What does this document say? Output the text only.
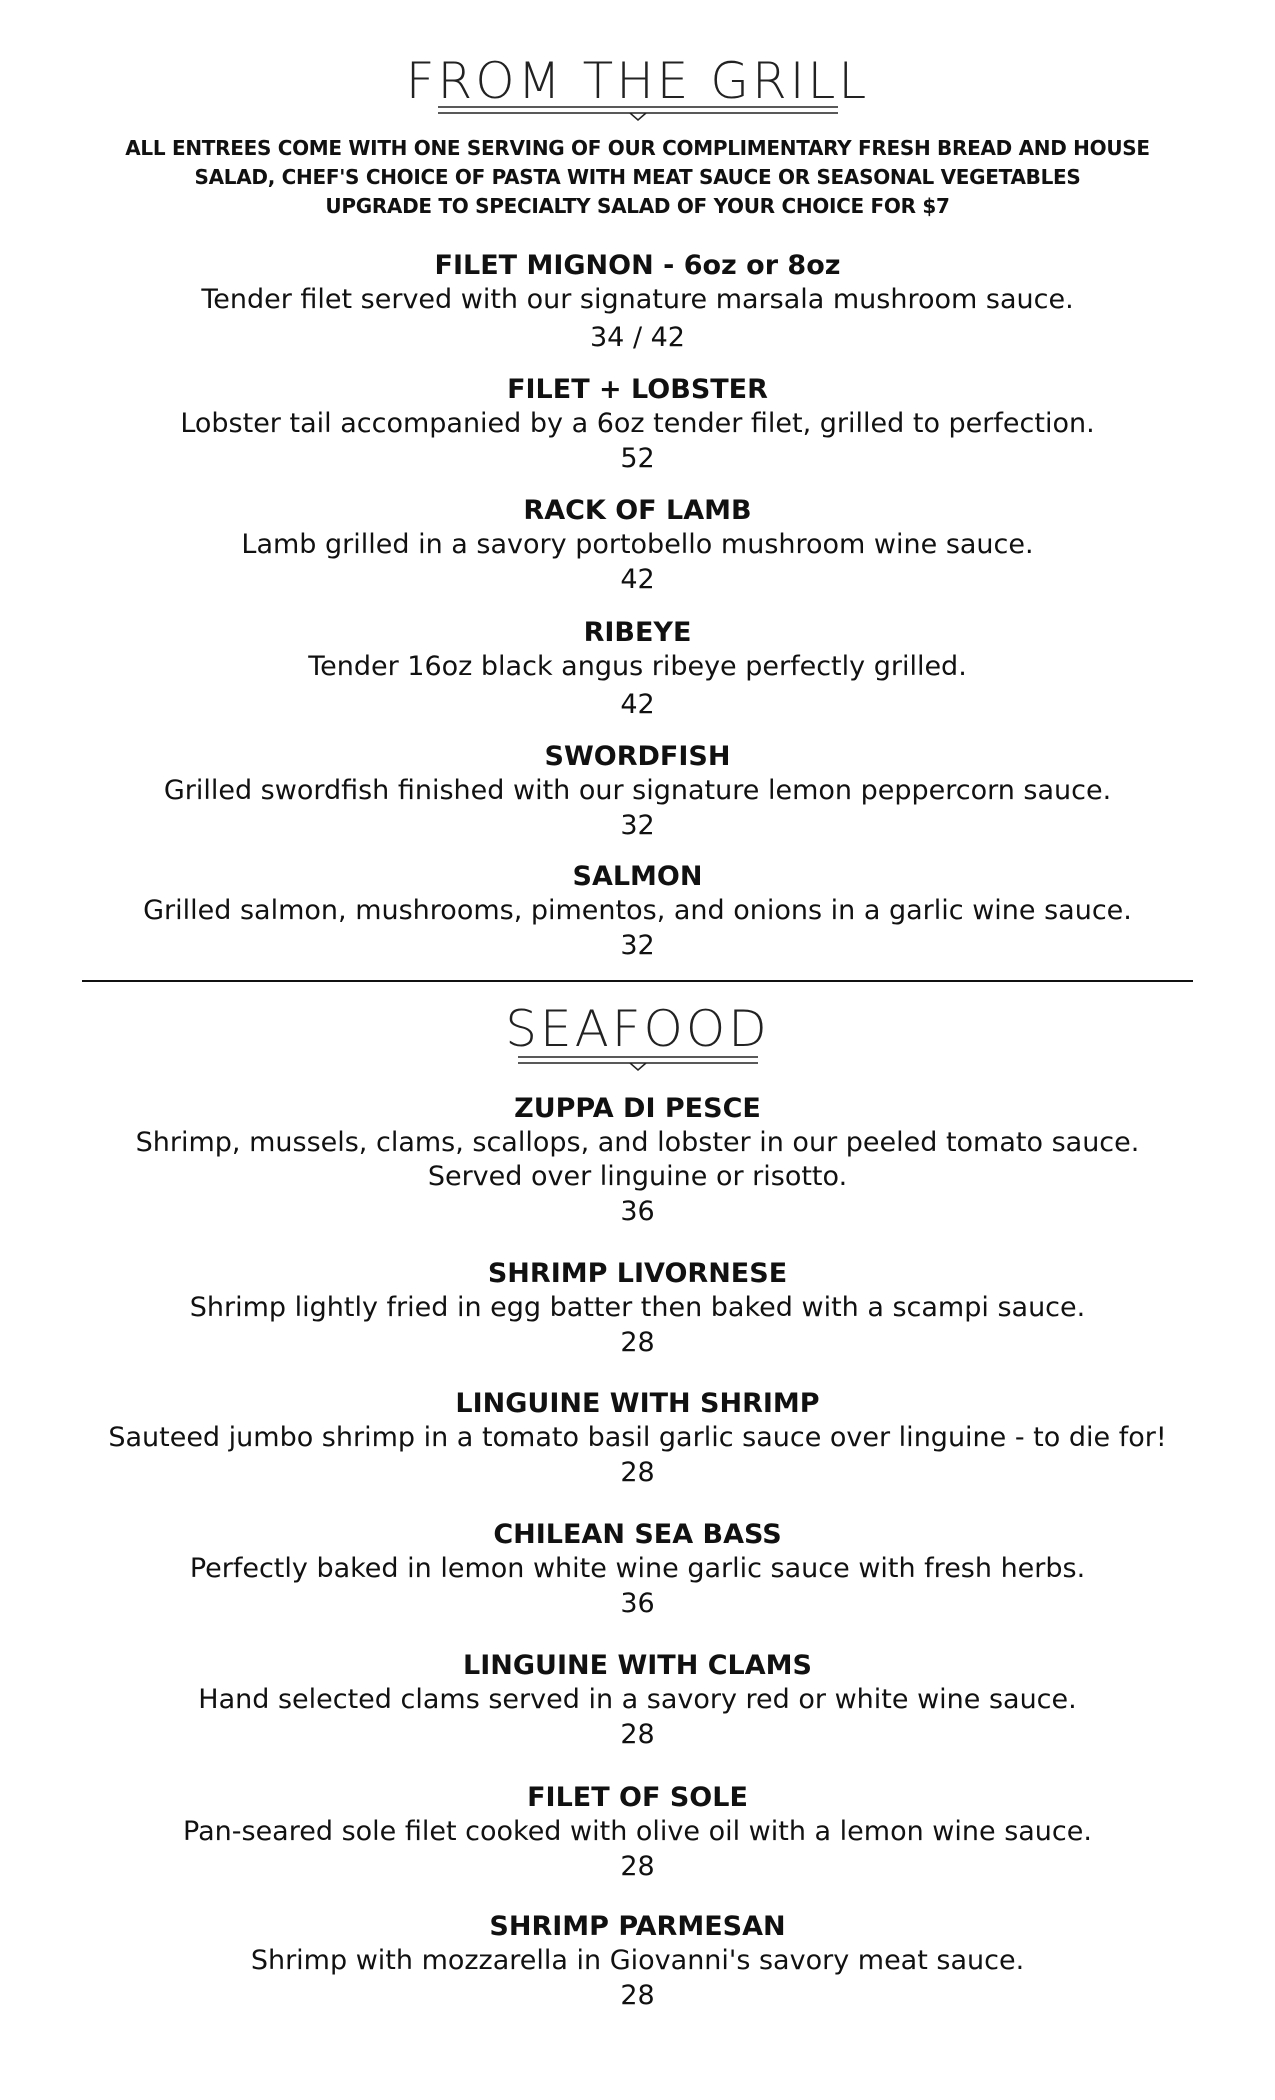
FROM THE GRILL
ALL ENTREES COME WITH ONE SERVING OF OUR COMPLIMENTARY FRESH BREAD AND HOUSE
SALAD, CHEF'S CHOICE OF PASTA WITH MEAT SAUCE OR SEASONAL VEGETABLES
UPGRADE TO SPECIALTY SALAD OF YOUR CHOICE FOR $7
FILET MIGNON - 6oz or 8oz
Tender filet served with our signature marsala mushroom sauce.
34 / 42
FILET + LOBSTER
Lobster tail accompanied by a 6oz tender filet, grilled to perfection.
52
RACK OF LAMB
Lamb grilled in a savory portobello mushroom wine sauce.
42
RIBEYE
Tender 16oz black angus ribeye perfectly grilled.
42
SWORDFISH
Grilled swordfish finished with our signature lemon peppercorn sauce.
32
SALMON
Grilled salmon, mushrooms, pimentos, and onions in a garlic wine sauce.
32
SEAFOOD
ZUPPA DI PESCE
Shrimp, mussels, clams, scallops, and lobster in our peeled tomato sauce.
Served over linguine or risotto.
36
SHRIMP LIVORNESE
Shrimp lightly fried in egg batter then baked with a scampi sauce.
28
LINGUINE WITH SHRIMP
Sauteed jumbo shrimp in a tomato basil garlic sauce over linguine - to die for!
28
CHILEAN SEA BASS
Perfectly baked in lemon white wine garlic sauce with fresh herbs.
36
LINGUINE WITH CLAMS
Hand selected clams served in a savory red or white wine sauce.
28
FILET OF SOLE
Pan-seared sole filet cooked with olive oil with a lemon wine sauce.
28
SHRIMP PARMESAN
Shrimp with mozzarella in Giovanni's savory meat sauce.
28
